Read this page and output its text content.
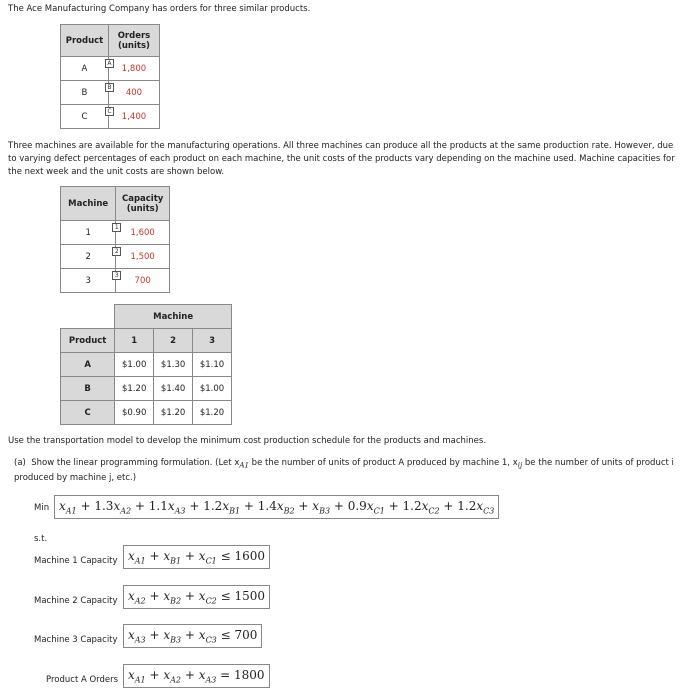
The Ace Manufacturing Company has orders for three similar products.
Product	Orders (units)
A	A 1,800
B	B 400
C	C 1,400
Three machines are available for the manufacturing operations. All three machines can produce all the products at the same production rate. However, due to varying defect percentages of each product on each machine, the unit costs of the products vary depending on the machine used. Machine capacities for the next week and the unit costs are shown below.
Machine	Capacity (units)
1	1 1,600
2	2 1,500
3	3 700
	Machine		
Product	1	2	3
A	$1.00	$1.30	$1.10
B	$1.20	$1.40	$1.00
C	$0.90	$1.20	$1.20
Use the transportation model to develop the minimum cost production schedule for the products and machines.
(a) Show the linear programming formulation. (Let $x_{A1}$ be the number of units of product A produced by machine 1, $x_{ij}$ be the number of units of product i produced by machine j, etc.)
Min $x_{A1} + 1.3x_{A2} + 1.1x_{A3} + 1.2x_{B1} + 1.4x_{B2} + x_{B3} + 0.9x_{C1} + 1.2x_{C2} + 1.2x_{C3}$
s.t.
Machine 1 Capacity $x_{A1} + x_{B1} + x_{C1} \le 1600$
Machine 2 Capacity $x_{A2} + x_{B2} + x_{C2} \le 1500$
Machine 3 Capacity $x_{A3} + x_{B3} + x_{C3} \le 700$
Product A Orders $x_{A1} + x_{A2} + x_{A3} = 1800$
